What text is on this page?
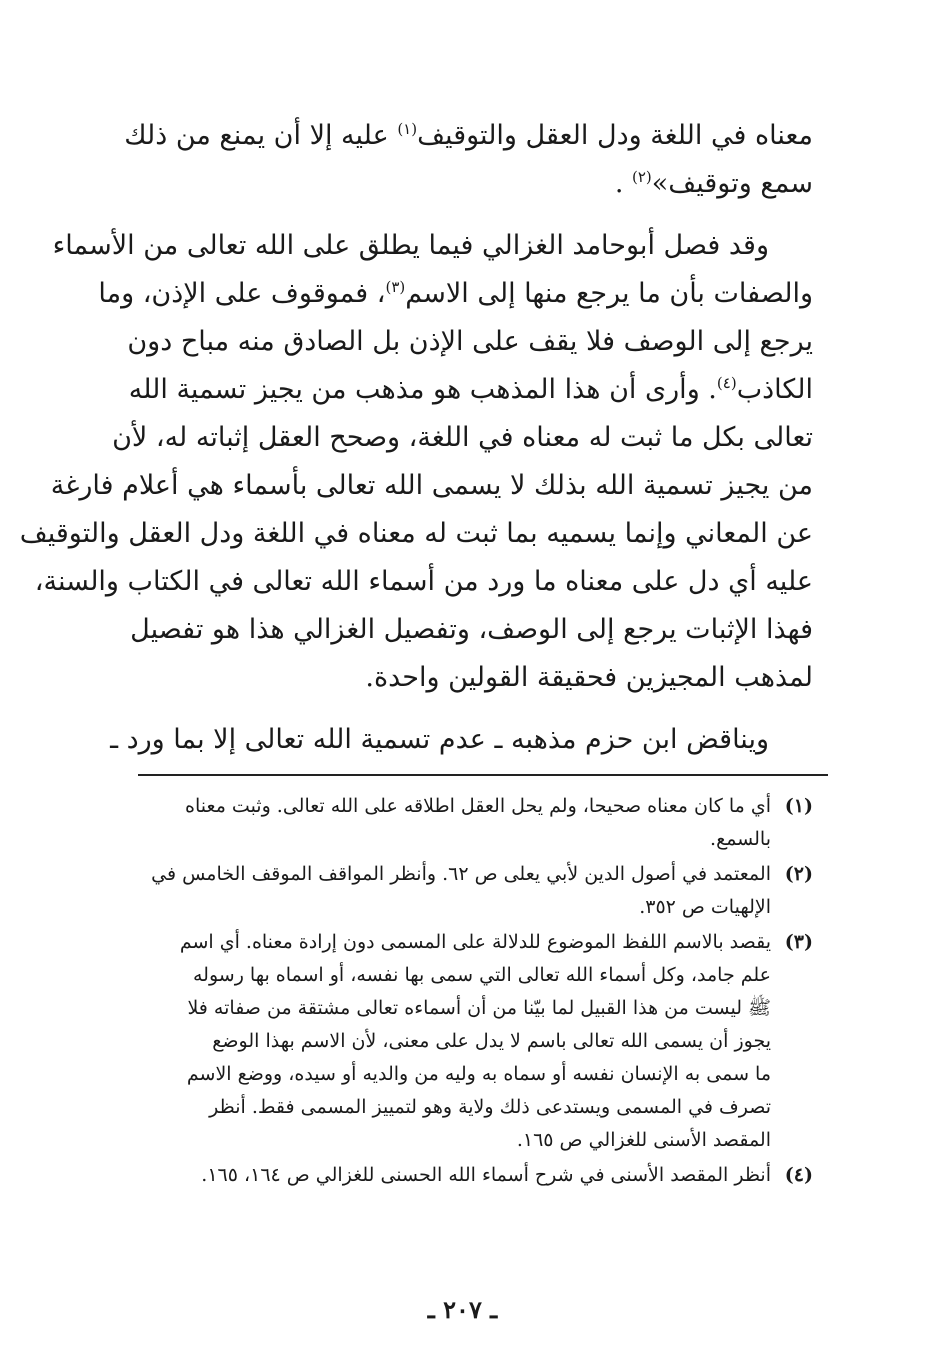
معناه في اللغة ودل العقل والتوقيف$^{(١)}$ عليه إلا أن يمنع من ذلك
سمع وتوقيف»$^{(٢)}$ .
وقد فصل أبوحامد الغزالي فيما يطلق على الله تعالى من الأسماء
والصفات بأن ما يرجع منها إلى الاسم$^{(٣)}$، فموقوف على الإذن، وما
يرجع إلى الوصف فلا يقف على الإذن بل الصادق منه مباح دون
الكاذب$^{(٤)}$. وأرى أن هذا المذهب هو مذهب من يجيز تسمية الله
تعالى بكل ما ثبت له معناه في اللغة، وصحح العقل إثباته له، لأن
من يجيز تسمية الله بذلك لا يسمى الله تعالى بأسماء هي أعلام فارغة
عن المعاني وإنما يسميه بما ثبت له معناه في اللغة ودل العقل والتوقيف
عليه أي دل على معناه ما ورد من أسماء الله تعالى في الكتاب والسنة،
فهذا الإثبات يرجع إلى الوصف، وتفصيل الغزالي هذا هو تفصيل
لمذهب المجيزين فحقيقة القولين واحدة.
ويناقض ابن حزم مذهبه ـ عدم تسمية الله تعالى إلا بما ورد ـ
(١)
أي ما كان معناه صحيحا، ولم يحل العقل اطلاقه على الله تعالى. وثبت معناه
بالسمع.
(٢)
المعتمد في أصول الدين لأبي يعلى ص ٦٢. وأنظر المواقف الموقف الخامس في
الإلهيات ص ٣٥٢.
(٣)
يقصد بالاسم اللفظ الموضوع للدلالة على المسمى دون إرادة معناه. أي اسم
علم جامد، وكل أسماء الله تعالى التي سمى بها نفسه، أو اسماه بها رسوله
ﷺ ليست من هذا القبيل لما بيّنا من أن أسماءه تعالى مشتقة من صفاته فلا
يجوز أن يسمى الله تعالى باسم لا يدل على معنى، لأن الاسم بهذا الوضع
ما سمى به الإنسان نفسه أو سماه به وليه من والديه أو سيده، ووضع الاسم
تصرف في المسمى ويستدعى ذلك ولاية وهو لتمييز المسمى فقط. أنظر
المقصد الأسنى للغزالي ص ١٦٥.
(٤)
أنظر المقصد الأسنى في شرح أسماء الله الحسنى للغزالي ص ١٦٤، ١٦٥.
ـ ٢٠٧ ـ
